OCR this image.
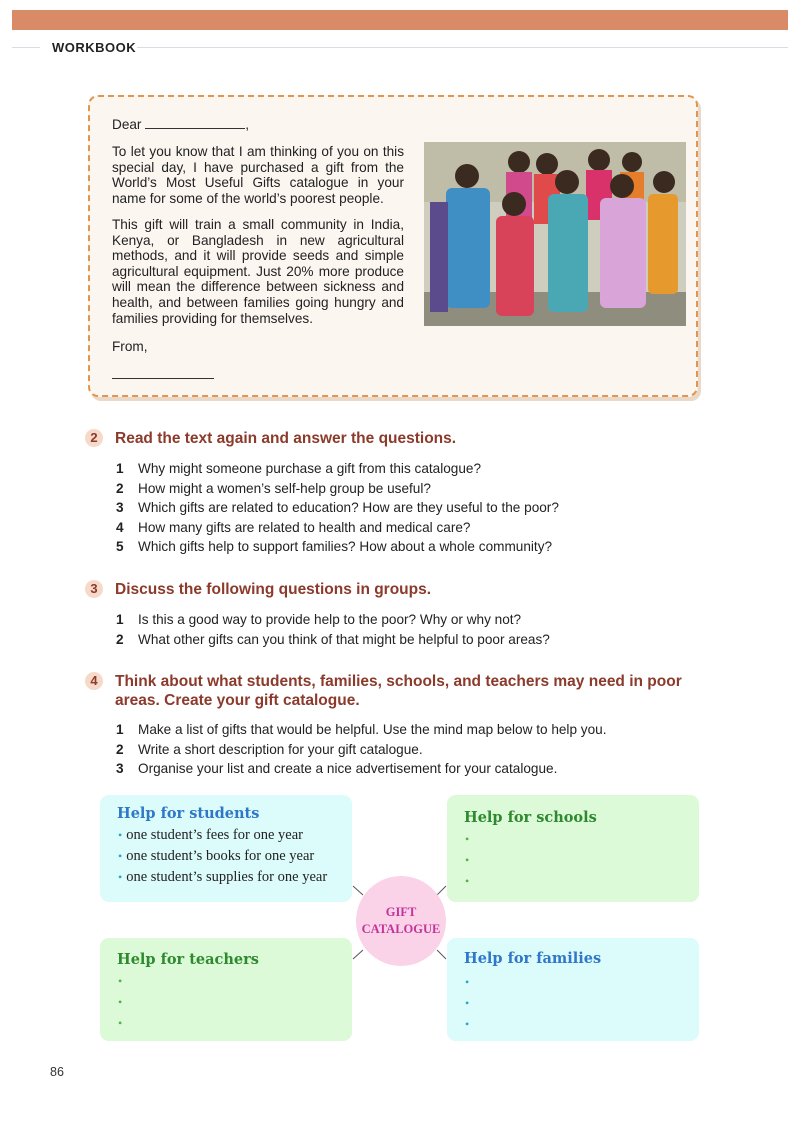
WORKBOOK

Dear	,

To let you know that I am thinking of you on this special day, I have purchased a gift from the World’s Most Useful Gifts catalogue in your name for some of the world’s poorest people.

This gift will train a small community in India, Kenya, or Bangladesh in new agricultural methods, and it will provide seeds and simple agricultural equipment. Just 20% more produce will mean the difference between sickness and health, and between families going hungry and families providing for themselves.

From,

2	Read the text again and answer the questions.
1 Why might someone purchase a gift from this catalogue?
2 How might a women’s self-help group be useful?
3 Which gifts are related to education? How are they useful to the poor?
4 How many gifts are related to health and medical care?
5 Which gifts help to support families? How about a whole community?
3	Discuss the following questions in groups.
1 Is this a good way to provide help to the poor? Why or why not?
2 What other gifts can you think of that might be helpful to poor areas?
4	Think about what students, families, schools, and teachers may need in poor
areas. Create your gift catalogue.
1 Make a list of gifts that would be helpful. Use the mind map below to help you.
2 Write a short description for your gift catalogue.
3 Organise your list and create a nice advertisement for your catalogue.
Help for students
• one student’s fees for one year
• one student’s books for one year
• one student’s supplies for one year
Help for schools
•
•
•
Help for teachers
•
•
•
Help for families
•
•
•
GIFT
CATALOGUE
86
